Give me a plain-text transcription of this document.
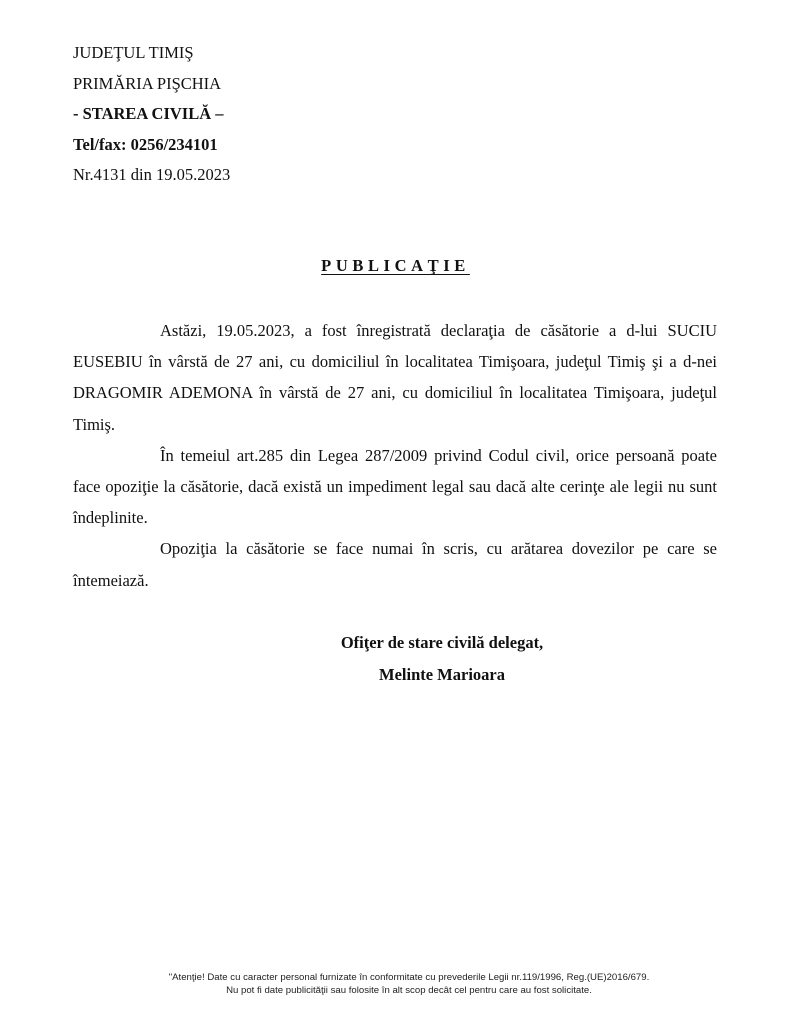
JUDEŢUL TIMIŞ
PRIMĂRIA PIŞCHIA
- STAREA CIVILĂ –
Tel/fax: 0256/234101
Nr.4131 din 19.05.2023
PUBLICAŢIE

Astăzi, 19.05.2023, a fost înregistrată declaraţia de căsătorie a d-lui SUCIU EUSEBIU în vârstă de 27 ani, cu domiciliul în localitatea Timişoara, judeţul Timiş şi a d-nei DRAGOMIR ADEMONA în vârstă de 27 ani, cu domiciliul în localitatea Timişoara, judeţul Timiş.

În temeiul art.285 din Legea 287/2009 privind Codul civil, orice persoană poate face opoziţie la căsătorie, dacă există un impediment legal sau dacă alte cerinţe ale legii nu sunt îndeplinite.

Opoziţia la căsătorie se face numai în scris, cu arătarea dovezilor pe care se întemeiază.

Ofiţer de stare civilă delegat,
Melinte Marioara
"Atenţie! Date cu caracter personal furnizate în conformitate cu prevederile Legii nr.119/1996, Reg.(UE)2016/679.
Nu pot fi date publicităţii sau folosite în alt scop decât cel pentru care au fost solicitate.
